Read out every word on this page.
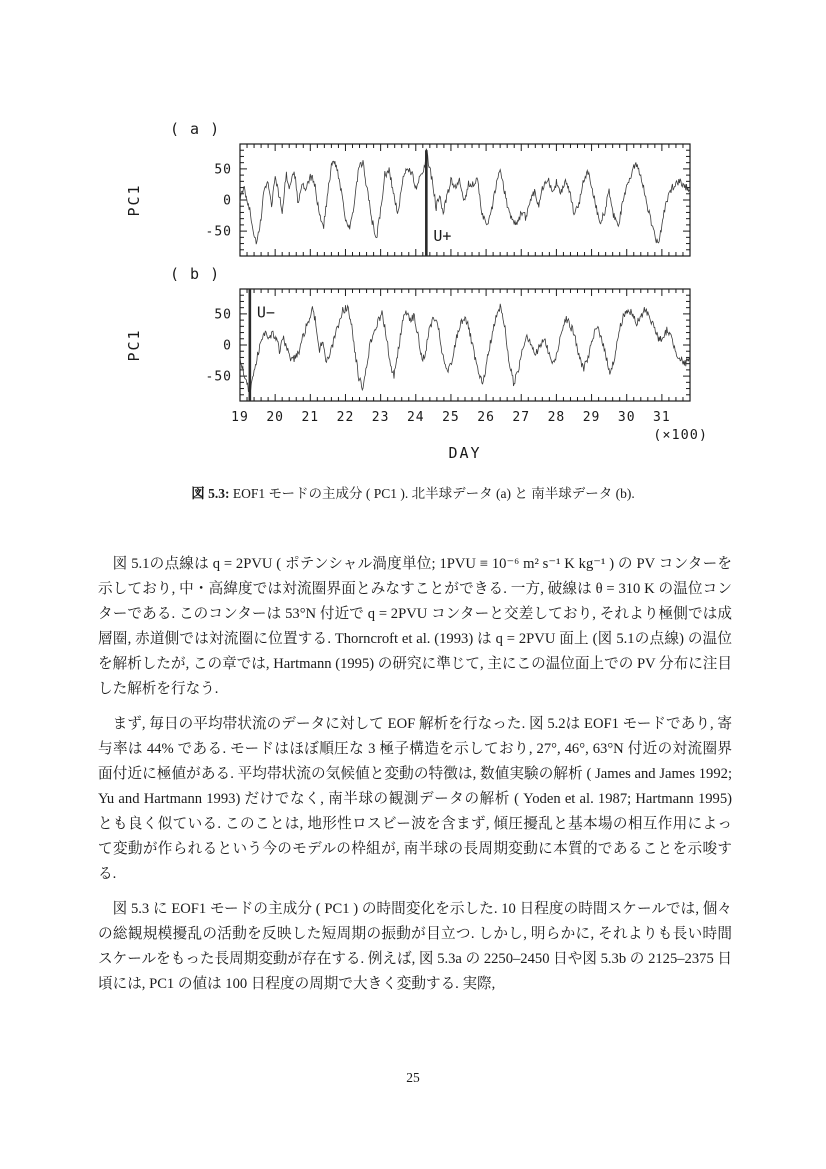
( a )
-50
0
50
PC1
U+
( b )
-50
0
50
PC1
U−
19 20 21 22 23 24 25 26 27 28 29 30 31
(×100)
DAY
図 5.3: EOF1 モードの主成分 ( PC1 ). 北半球データ (a) と 南半球データ (b).

図 5.1の点線は q = 2PVU ( ポテンシャル渦度単位; 1PVU ≡ 10⁻⁶ m² s⁻¹ K kg⁻¹ ) の PV コンターを示しており, 中・高緯度では対流圈界面とみなすことができる. 一方, 破線は θ = 310 K の温位コンターである. このコンターは 53°N 付近で q = 2PVU コンターと交差しており, それより極側では成層圈, 赤道側では対流圈に位置する. Thorncroft et al. (1993) は q = 2PVU 面上 (図 5.1の点線) の温位を解析したが, この章では, Hartmann (1995) の研究に準じて, 主にこの温位面上での PV 分布に注目した解析を行なう.

まず, 毎日の平均帯状流のデータに対して EOF 解析を行なった. 図 5.2は EOF1 モードであり, 寄与率は 44% である. モードはほぼ順圧な 3 極子構造を示しており, 27°, 46°, 63°N 付近の対流圈界面付近に極値がある. 平均帯状流の気候値と変動の特徴は, 数値実験の解析 ( James and James 1992; Yu and Hartmann 1993) だけでなく, 南半球の観測データの解析 ( Yoden et al. 1987; Hartmann 1995) とも良く似ている. このことは, 地形性ロスビー波を含まず, 傾圧擾乱と基本場の相互作用によって変動が作られるという今のモデルの枠組が, 南半球の長周期変動に本質的であることを示唆する.

図 5.3 に EOF1 モードの主成分 ( PC1 ) の時間変化を示した. 10 日程度の時間スケールでは, 個々の総観規模擾乱の活動を反映した短周期の振動が目立つ. しかし, 明らかに, それよりも長い時間スケールをもった長周期変動が存在する. 例えば, 図 5.3a の 2250–2450 日や図 5.3b の 2125–2375 日頃には, PC1 の値は 100 日程度の周期で大きく変動する. 実際,

25
